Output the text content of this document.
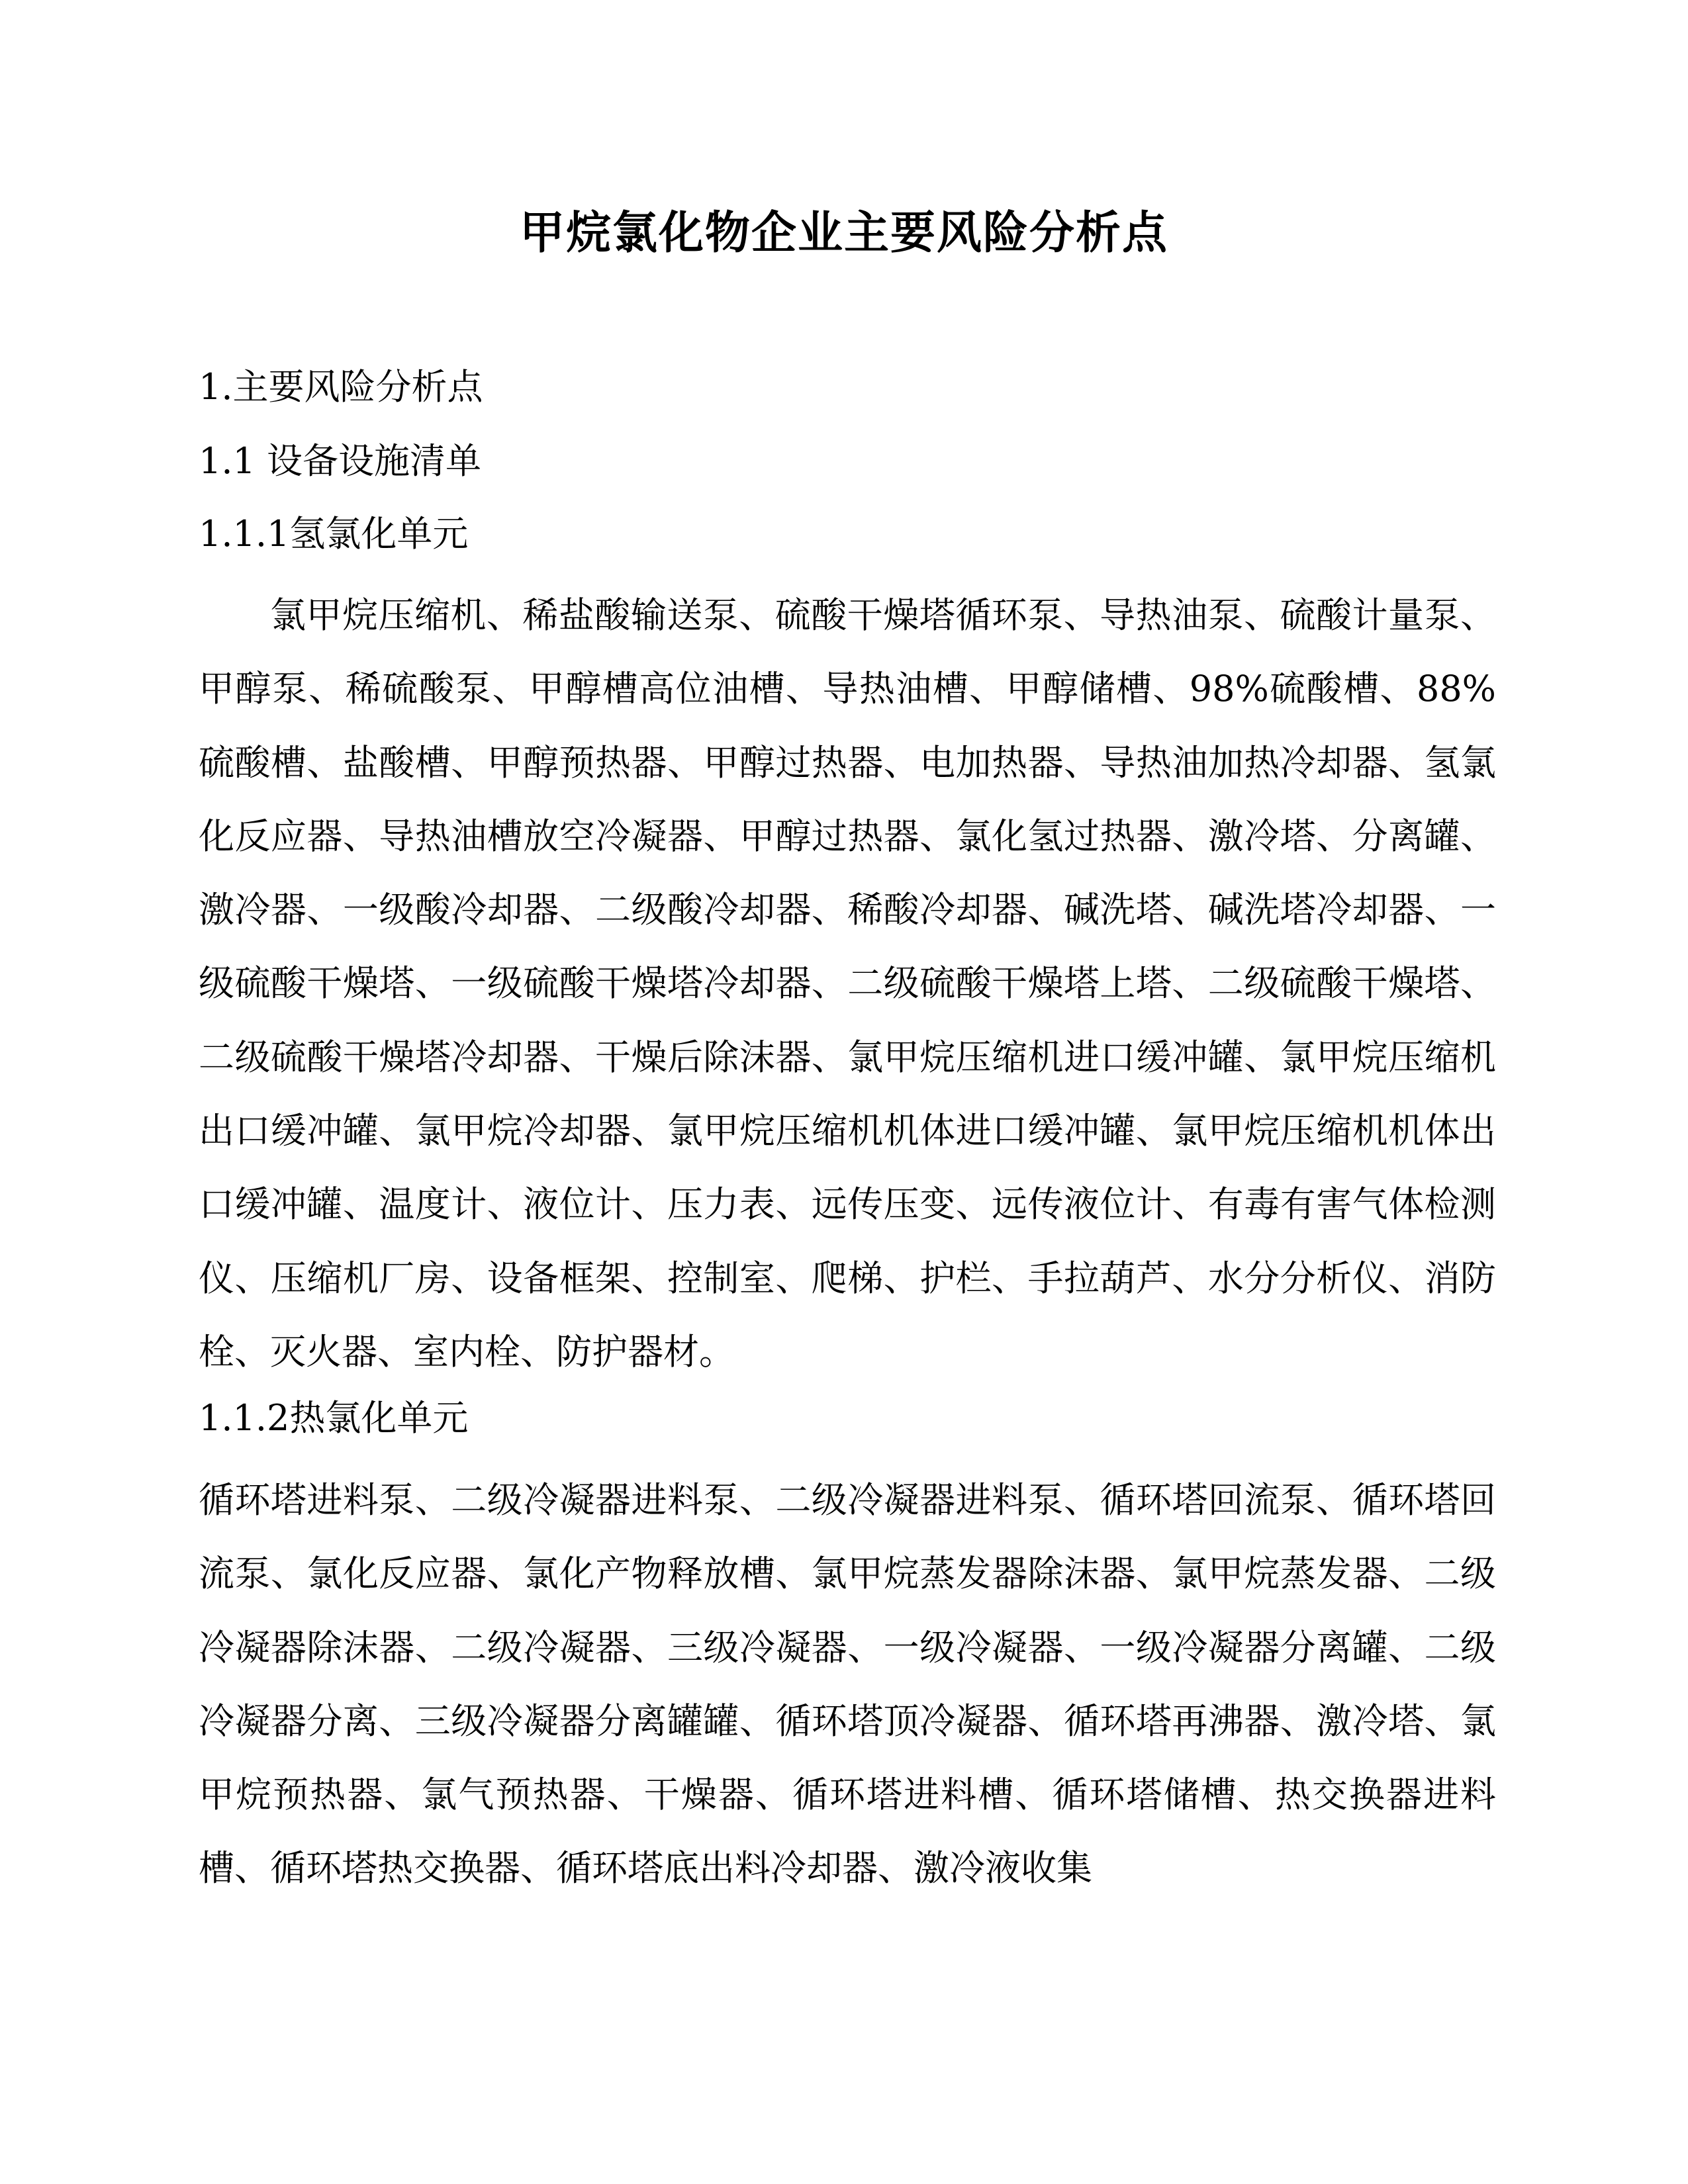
甲烷氯化物企业主要风险分析点
1.主要风险分析点
1.1 设备设施清单
1.1.1氢氯化单元
氯甲烷压缩机、稀盐酸输送泵、硫酸干燥塔循环泵、导热油泵、硫酸计量泵、甲醇泵、稀硫酸泵、甲醇槽高位油槽、导热油槽、甲醇储槽、98%硫酸槽、88%硫酸槽、盐酸槽、甲醇预热器、甲醇过热器、电加热器、导热油加热冷却器、氢氯化反应器、导热油槽放空冷凝器、甲醇过热器、氯化氢过热器、激冷塔、分离罐、激冷器、一级酸冷却器、二级酸冷却器、稀酸冷却器、碱洗塔、碱洗塔冷却器、一级硫酸干燥塔、一级硫酸干燥塔冷却器、二级硫酸干燥塔上塔、二级硫酸干燥塔、二级硫酸干燥塔冷却器、干燥后除沫器、氯甲烷压缩机进口缓冲罐、氯甲烷压缩机出口缓冲罐、氯甲烷冷却器、氯甲烷压缩机机体进口缓冲罐、氯甲烷压缩机机体出口缓冲罐、温度计、液位计、压力表、远传压变、远传液位计、有毒有害气体检测仪、压缩机厂房、设备框架、控制室、爬梯、护栏、手拉葫芦、水分分析仪、消防栓、灭火器、室内栓、防护器材。
1.1.2热氯化单元
循环塔进料泵、二级冷凝器进料泵、二级冷凝器进料泵、循环塔回流泵、循环塔回流泵、氯化反应器、氯化产物释放槽、氯甲烷蒸发器除沫器、氯甲烷蒸发器、二级冷凝器除沫器、二级冷凝器、三级冷凝器、一级冷凝器、一级冷凝器分离罐、二级冷凝器分离、三级冷凝器分离罐罐、循环塔顶冷凝器、循环塔再沸器、激冷塔、氯甲烷预热器、氯气预热器、干燥器、循环塔进料槽、循环塔储槽、热交换器进料槽、循环塔热交换器、循环塔底出料冷却器、激冷液收集
